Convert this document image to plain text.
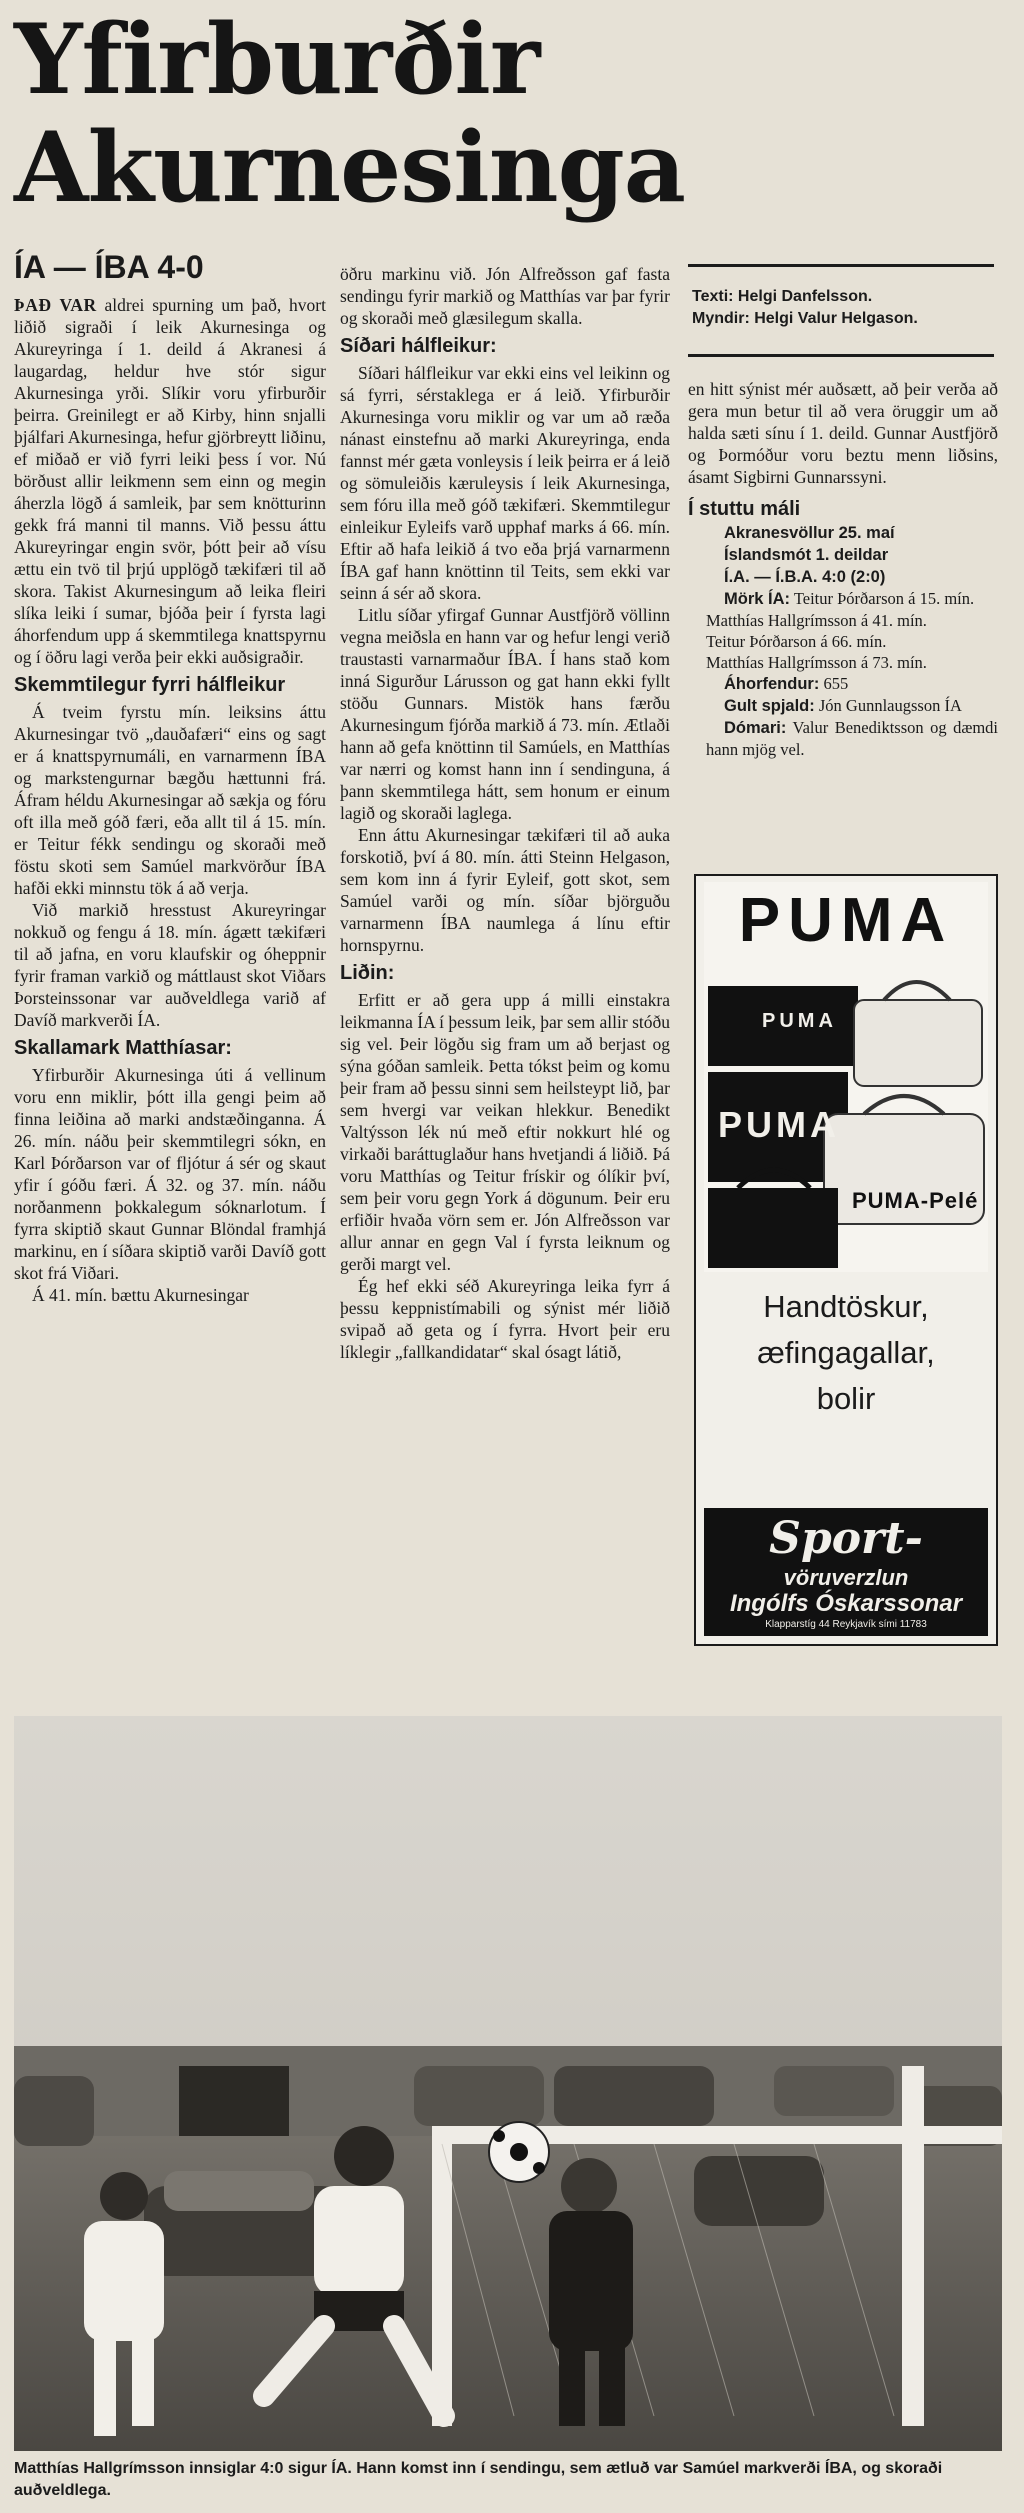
Yfirburðir
Akurnesinga
ÍA — ÍBA 4-0

ÞAÐ VAR aldrei spurning um það, hvort liðið sigraði í leik Akurnesinga og Akureyringa í 1. deild á Akranesi á laugardag, heldur hve stór sigur Akurnesinga yrði. Slíkir voru yfirburðir þeirra. Greinilegt er að Kirby, hinn snjalli þjálfari Akurnesinga, hefur gjörbreytt liðinu, ef miðað er við fyrri leiki þess í vor. Nú börðust allir leikmenn sem einn og megin áherzla lögð á samleik, þar sem knötturinn gekk frá manni til manns. Við þessu áttu Akureyringar engin svör, þótt þeir að vísu ættu ein tvö til þrjú upplögð tækifæri til að skora. Takist Akurnesingum að leika fleiri slíka leiki í sumar, bjóða þeir í fyrsta lagi áhorfendum upp á skemmtilega knattspyrnu og í öðru lagi verða þeir ekki auðsigraðir.

Skemmtilegur fyrri hálfleikur

Á tveim fyrstu mín. leiksins áttu Akurnesingar tvö „dauðafæri“ eins og sagt er á knattspyrnumáli, en varnarmenn ÍBA og markstengurnar bægðu hættunni frá. Áfram héldu Akurnesingar að sækja og fóru oft illa með góð færi, eða allt til á 15. mín. er Teitur fékk sendingu og skoraði með föstu skoti sem Samúel markvörður ÍBA hafði ekki minnstu tök á að verja.

Við markið hresstust Akureyringar nokkuð og fengu á 18. mín. ágætt tækifæri til að jafna, en voru klaufskir og óheppnir fyrir framan varkið og máttlaust skot Viðars Þorsteinssonar var auðveldlega varið af Davíð markverði ÍA.

Skallamark Matthíasar:

Yfirburðir Akurnesinga úti á vellinum voru enn miklir, þótt illa gengi þeim að finna leiðina að marki andstæðinganna. Á 26. mín. náðu þeir skemmtilegri sókn, en Karl Þórðarson var of fljótur á sér og skaut yfir í góðu færi. Á 32. og 37. mín. náðu norðanmenn þokkalegum sóknarlotum. Í fyrra skiptið skaut Gunnar Blöndal framhjá markinu, en í síðara skiptið varði Davíð gott skot frá Viðari.

Á 41. mín. bættu Akurnesingar

öðru markinu við. Jón Alfreðsson gaf fasta sendingu fyrir markið og Matthías var þar fyrir og skoraði með glæsilegum skalla.

Síðari hálfleikur:

Síðari hálfleikur var ekki eins vel leikinn og sá fyrri, sérstaklega er á leið. Yfirburðir Akurnesinga voru miklir og var um að ræða nánast einstefnu að marki Akureyringa, enda fannst mér gæta vonleysis í leik þeirra er á leið og sömuleiðis kæruleysis í leik Akurnesinga, sem fóru illa með góð tækifæri. Skemmtilegur einleikur Eyleifs varð upphaf marks á 66. mín. Eftir að hafa leikið á tvo eða þrjá varnarmenn ÍBA gaf hann knöttinn til Teits, sem ekki var seinn á sér að skora.

Litlu síðar yfirgaf Gunnar Austfjörð völlinn vegna meiðsla en hann var og hefur lengi verið traustasti varnarmaður ÍBA. Í hans stað kom inná Sigurður Lárusson og gat hann ekki fyllt stöðu Gunnars. Mistök hans færðu Akurnesingum fjórða markið á 73. mín. Ætlaði hann að gefa knöttinn til Samúels, en Matthías var nærri og komst hann inn í sendinguna, á þann skemmtilega hátt, sem honum er einum lagið og skoraði laglega.

Enn áttu Akurnesingar tækifæri til að auka forskotið, því á 80. mín. átti Steinn Helgason, sem kom inn á fyrir Eyleif, gott skot, sem Samúel varði og mín. síðar björguðu varnarmenn ÍBA naumlega á línu eftir hornspyrnu.

Liðin:

Erfitt er að gera upp á milli einstakra leikmanna ÍA í þessum leik, þar sem allir stóðu sig vel. Þeir lögðu sig fram um að berjast og sýna góðan samleik. Þetta tókst þeim og komu þeir fram að þessu sinni sem heilsteypt lið, þar sem hvergi var veikan hlekkur. Benedikt Valtýsson lék nú með eftir nokkurt hlé og virkaði baráttuglaður hans hvetjandi á liðið. Þá voru Matthías og Teitur frískir og ólíkir því, sem þeir voru gegn York á dögunum. Þeir eru erfiðir hvaða vörn sem er. Jón Alfreðsson var allur annar en gegn Val í fyrsta leiknum og gerði margt vel.

Ég hef ekki séð Akureyringa leika fyrr á þessu keppnistímabili og sýnist mér liðið svipað að geta og í fyrra. Hvort þeir eru líklegir „fallkandidatar“ skal ósagt látið,

Texti: Helgi Danfelsson.
Myndir: Helgi Valur Helgason.

en hitt sýnist mér auðsætt, að þeir verða að gera mun betur til að vera öruggir um að halda sæti sínu í 1. deild. Gunnar Austfjörð og Þormóður voru beztu menn liðsins, ásamt Sigbirni Gunnarssyni.

Í stuttu máli

Akranesvöllur 25. maí

Íslandsmót 1. deildar

Í.A. — Í.B.A. 4:0 (2:0)

Mörk ÍA: Teitur Þórðarson á 15. mín.

Matthías Hallgrímsson á 41. mín.

Teitur Þórðarson á 66. mín.

Matthías Hallgrímsson á 73. mín.

Áhorfendur: 655

Gult spjald: Jón Gunnlaugsson ÍA

Dómari: Valur Benediktsson og dæmdi hann mjög vel.

PUMA
PUMA
PUMA
PUMA-Pelé
Handtöskur,
æfingagallar,
bolir
Sport-
vöruverzlun
Ingólfs Óskarssonar
Klapparstíg 44 Reykjavík sími 11783
Matthías Hallgrímsson innsiglar 4:0 sigur ÍA. Hann komst inn í sendingu, sem ætluð var Samúel markverði ÍBA, og skoraði auðveldlega.
